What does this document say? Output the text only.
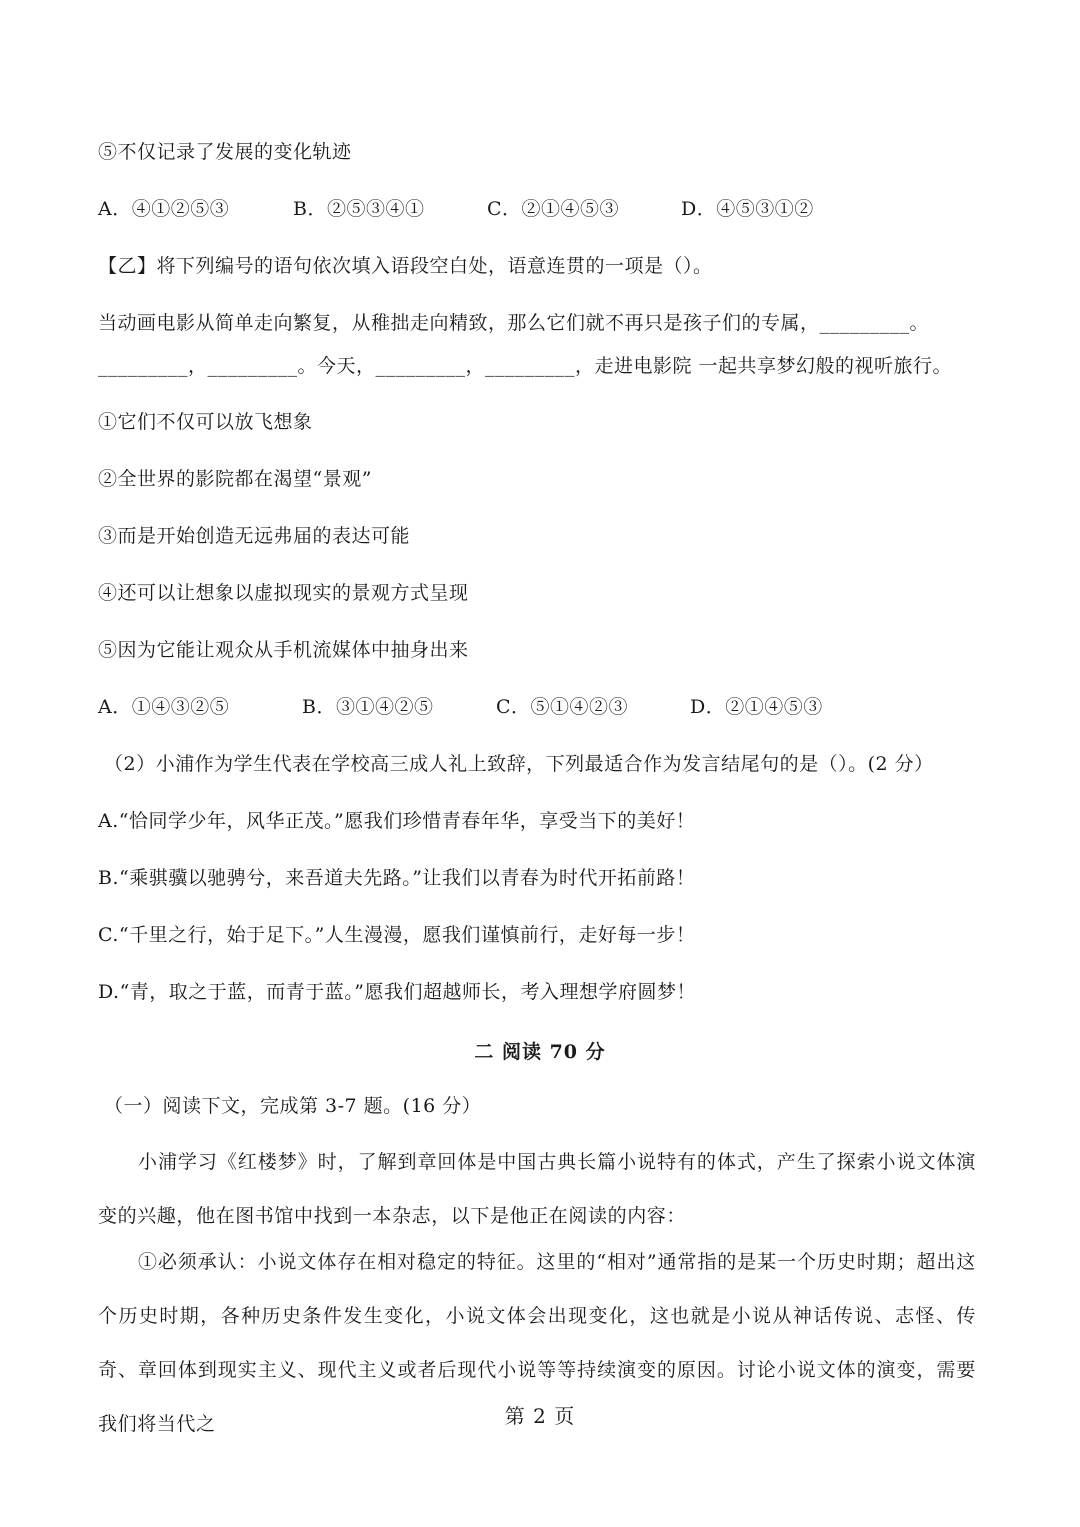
⑤不仅记录了发展的变化轨迹
A．④①②⑤③	B．②⑤③④①	C．②①④⑤③	D．④⑤③①②
【乙】将下列编号的语句依次填入语段空白处，语意连贯的一项是（）。
当动画电影从简单走向繁复，从稚拙走向精致，那么它们就不再只是孩子们的专属，_________。
_________，_________。今天，_________，_________，走进电影院 一起共享梦幻般的视听旅行。
①它们不仅可以放飞想象
②全世界的影院都在渴望“景观”
③而是开始创造无远弗届的表达可能
④还可以让想象以虚拟现实的景观方式呈现
⑤因为它能让观众从手机流媒体中抽身出来
A．①④③②⑤	B．③①④②⑤	C．⑤①④②③	D．②①④⑤③
（2）小浦作为学生代表在学校高三成人礼上致辞，下列最适合作为发言结尾句的是（）。(2 分）
A.“恰同学少年，风华正茂。”愿我们珍惜青春年华，享受当下的美好！
B.“乘骐骥以驰骋兮，来吾道夫先路。”让我们以青春为时代开拓前路！
C.“千里之行，始于足下。”人生漫漫，愿我们谨慎前行，走好每一步！
D.“青，取之于蓝，而青于蓝。”愿我们超越师长，考入理想学府圆梦！
二 阅读 70 分
（一）阅读下文，完成第 3-7 题。(16 分）
小浦学习《红楼梦》时，了解到章回体是中国古典长篇小说特有的体式，产生了探索小说文体演变的兴趣，他在图书馆中找到一本杂志，以下是他正在阅读的内容：
①必须承认：小说文体存在相对稳定的特征。这里的“相对”通常指的是某一个历史时期；超出这个历史时期，各种历史条件发生变化，小说文体会出现变化，这也就是小说从神话传说、志怪、传奇、章回体到现实主义、现代主义或者后现代小说等等持续演变的原因。讨论小说文体的演变，需要我们将当代之	第 2 页
